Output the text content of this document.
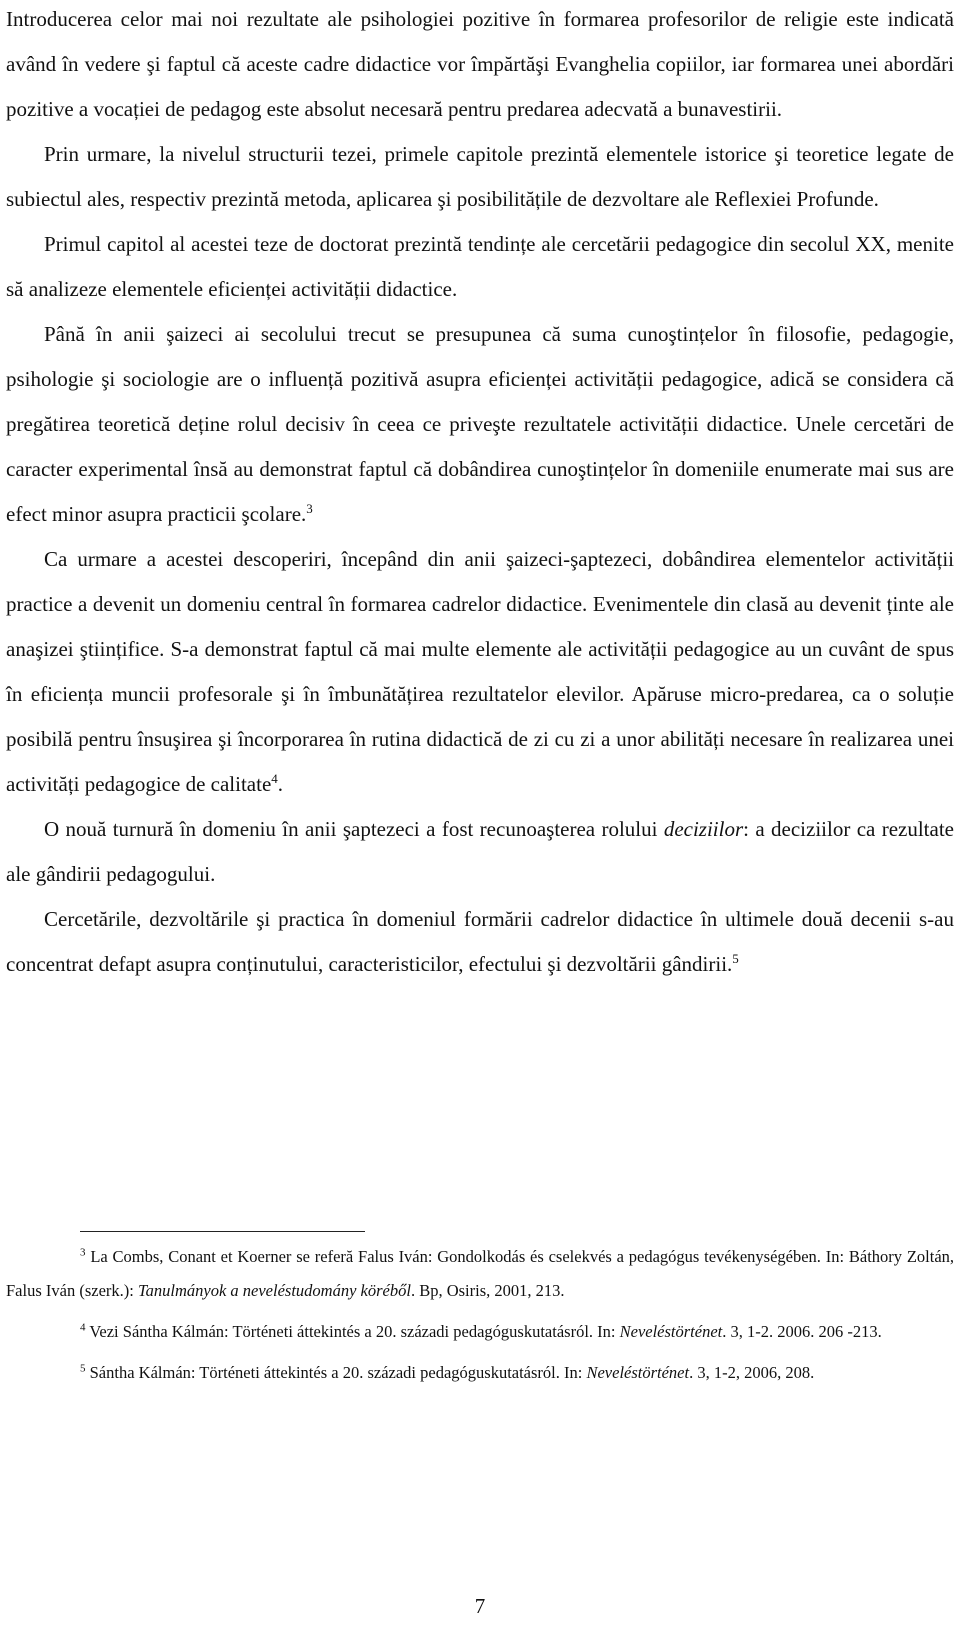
Introducerea celor mai noi rezultate ale psihologiei pozitive în formarea profesorilor de religie este indicată având în vedere şi faptul că aceste cadre didactice vor împărtăşi Evanghelia copiilor, iar formarea unei abordări pozitive a vocației de pedagog este absolut necesară pentru predarea adecvată a bunavestirii.

Prin urmare, la nivelul structurii tezei, primele capitole prezintă elementele istorice şi teoretice legate de subiectul ales, respectiv prezintă metoda, aplicarea şi posibilitățile de dezvoltare ale Reflexiei Profunde.

Primul capitol al acestei teze de doctorat prezintă tendințe ale cercetării pedagogice din secolul XX, menite să analizeze elementele eficienței activității didactice.

Până în anii şaizeci ai secolului trecut se presupunea că suma cunoştințelor în filosofie, pedagogie, psihologie şi sociologie are o influență pozitivă asupra eficienței activității pedagogice, adică se considera că pregătirea teoretică deține rolul decisiv în ceea ce priveşte rezultatele activității didactice. Unele cercetări de caracter experimental însă au demonstrat faptul că dobândirea cunoştințelor în domeniile enumerate mai sus are efect minor asupra practicii şcolare.$^3$

Ca urmare a acestei descoperiri, începând din anii şaizeci-şaptezeci, dobândirea elementelor activității practice a devenit un domeniu central în formarea cadrelor didactice. Evenimentele din clasă au devenit ținte ale anaşizei ştiințifice. S-a demonstrat faptul că mai multe elemente ale activității pedagogice au un cuvânt de spus în eficiența muncii profesorale şi în îmbunătățirea rezultatelor elevilor. Apăruse micro-predarea, ca o soluție posibilă pentru însuşirea şi încorporarea în rutina didactică de zi cu zi a unor abilități necesare în realizarea unei activități pedagogice de calitate$^4$.

O nouă turnură în domeniu în anii şaptezeci a fost recunoaşterea rolului deciziilor: a deciziilor ca rezultate ale gândirii pedagogului.

Cercetările, dezvoltările şi practica în domeniul formării cadrelor didactice în ultimele două decenii s-au concentrat defapt asupra conținutului, caracteristicilor, efectului şi dezvoltării gândirii.$^5$

$^3$ La Combs, Conant et Koerner se referă Falus Iván: Gondolkodás és cselekvés a pedagógus tevékenységében. In: Báthory Zoltán, Falus Iván (szerk.): Tanulmányok a neveléstudomány köréből. Bp, Osiris, 2001, 213.

$^4$ Vezi Sántha Kálmán: Történeti áttekintés a 20. századi pedagóguskutatásról. In: Neveléstörténet. 3, 1-2. 2006. 206 -213.

$^5$ Sántha Kálmán: Történeti áttekintés a 20. századi pedagóguskutatásról. In: Neveléstörténet. 3, 1-2, 2006, 208.

7
